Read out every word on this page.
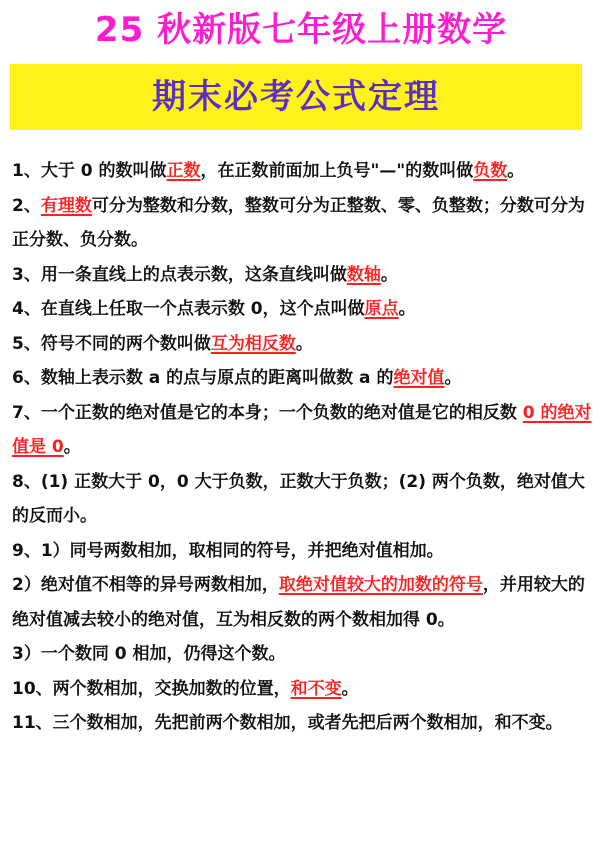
25 秋新版七年级上册数学
期末必考公式定理
1、大于 0 的数叫做正数，在正数前面加上负号"—"的数叫做负数。
2、有理数可分为整数和分数，整数可分为正整数、零、负整数；分数可分为正分数、负分数。
3、用一条直线上的点表示数，这条直线叫做数轴。
4、在直线上任取一个点表示数 0，这个点叫做原点。
5、符号不同的两个数叫做互为相反数。
6、数轴上表示数 a 的点与原点的距离叫做数 a 的绝对值。
7、一个正数的绝对值是它的本身；一个负数的绝对值是它的相反数 0 的绝对值是 0。
8、(1) 正数大于 0，0 大于负数，正数大于负数；(2) 两个负数，绝对值大的反而小。
9、1）同号两数相加，取相同的符号，并把绝对值相加。
2）绝对值不相等的异号两数相加，取绝对值较大的加数的符号，并用较大的绝对值减去较小的绝对值，互为相反数的两个数相加得 0。
3）一个数同 0 相加，仍得这个数。
10、两个数相加，交换加数的位置，和不变。
11、三个数相加，先把前两个数相加，或者先把后两个数相加，和不变。
